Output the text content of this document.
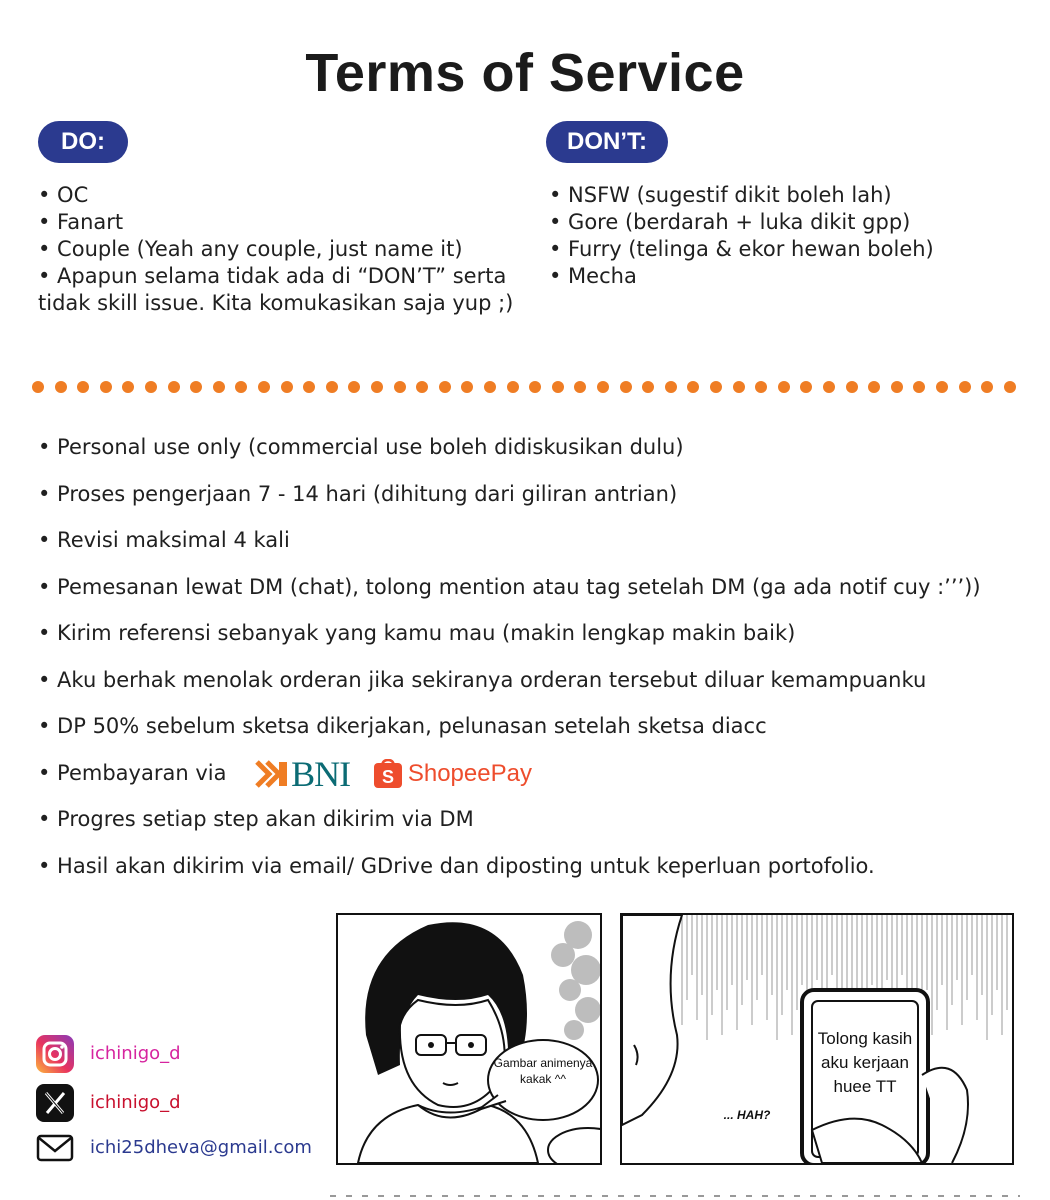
Terms of Service
DO:	DON’T:
• OC
• Fanart
• Couple (Yeah any couple, just name it)
• Apapun selama tidak ada di “DON’T” serta tidak skill issue. Kita komukasikan saja yup ;)
• NSFW (sugestif dikit boleh lah)
• Gore (berdarah + luka dikit gpp)
• Furry (telinga & ekor hewan boleh)
• Mecha
• Personal use only (commercial use boleh didiskusikan dulu)
• Proses pengerjaan 7 - 14 hari (dihitung dari giliran antrian)
• Revisi maksimal 4 kali
• Pemesanan lewat DM (chat), tolong mention atau tag setelah DM (ga ada notif cuy :’’’))
• Kirim referensi sebanyak yang kamu mau (makin lengkap makin baik)
• Aku berhak menolak orderan jika sekiranya orderan tersebut diluar kemampuanku
• DP 50% sebelum sketsa dikerjakan, pelunasan setelah sketsa diacc
• Pembayaran via BNI
S ShopeePay
• Progres setiap step akan dikirim via DM
• Hasil akan dikirim via email/ GDrive dan diposting untuk keperluan portofolio.
ichinigo_d
ichinigo_d
ichi25dheva@gmail.com
Gambar animenya kakak ^^
Tolong kasih aku kerjaan huee TT
... HAH?
